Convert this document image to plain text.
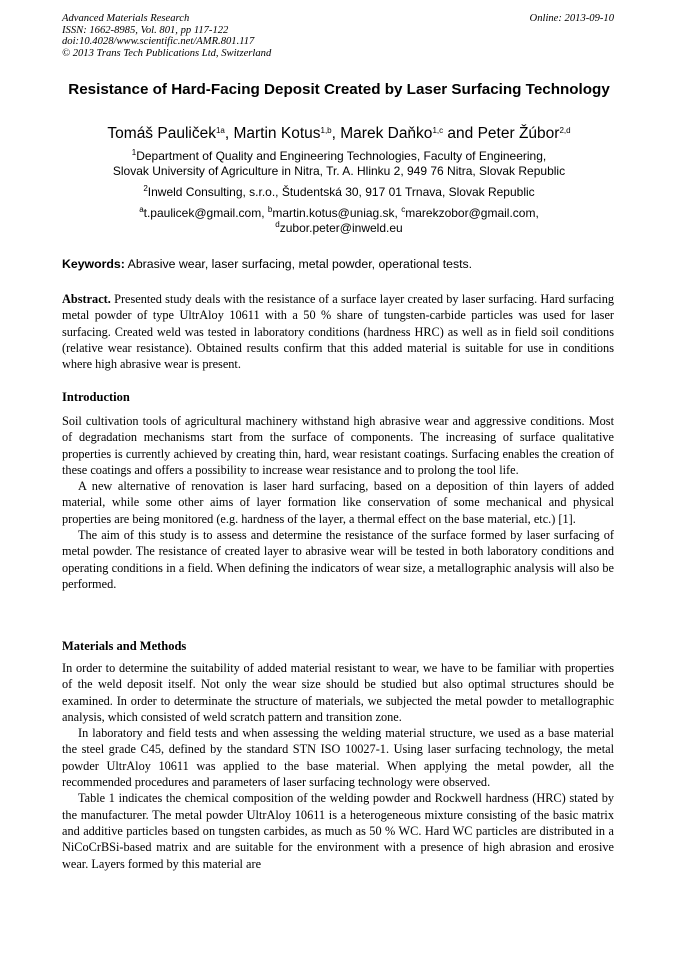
Advanced Materials Research
ISSN: 1662-8985, Vol. 801, pp 117-122
doi:10.4028/www.scientific.net/AMR.801.117
© 2013 Trans Tech Publications Ltd, Switzerland
Online: 2013-09-10
Resistance of Hard-Facing Deposit Created by Laser Surfacing Technology
Tomáš Pauliček$^{1a}$, Martin Kotus$^{1,b}$, Marek Daňko$^{1,c}$ and Peter Žúbor$^{2,d}$
$^1$Department of Quality and Engineering Technologies, Faculty of Engineering,
Slovak University of Agriculture in Nitra, Tr. A. Hlinku 2, 949 76 Nitra, Slovak Republic
$^2$Inweld Consulting, s.r.o., Študentská 30, 917 01 Trnava, Slovak Republic
$^a$t.paulicek@gmail.com, $^b$martin.kotus@uniag.sk, $^c$marekzobor@gmail.com,
$^d$zubor.peter@inweld.eu
Keywords: Abrasive wear, laser surfacing, metal powder, operational tests.

Abstract. Presented study deals with the resistance of a surface layer created by laser surfacing. Hard surfacing metal powder of type UltrAloy 10611 with a 50 % share of tungsten-carbide particles was used for laser surfacing. Created weld was tested in laboratory conditions (hardness HRC) as well as in field soil conditions (relative wear resistance). Obtained results confirm that this added material is suitable for use in conditions where high abrasive wear is present.

Introduction

Soil cultivation tools of agricultural machinery withstand high abrasive wear and aggressive conditions. Most of degradation mechanisms start from the surface of components. The increasing of surface qualitative properties is currently achieved by creating thin, hard, wear resistant coatings. Surfacing enables the creation of these coatings and offers a possibility to increase wear resistance and to prolong the tool life.

A new alternative of renovation is laser hard surfacing, based on a deposition of thin layers of added material, while some other aims of layer formation like conservation of some mechanical and physical properties are being monitored (e.g. hardness of the layer, a thermal effect on the base material, etc.) [1].

The aim of this study is to assess and determine the resistance of the surface formed by laser surfacing of metal powder. The resistance of created layer to abrasive wear will be tested in both laboratory conditions and operating conditions in a field. When defining the indicators of wear size, a metallographic analysis will also be performed.

Materials and Methods

In order to determine the suitability of added material resistant to wear, we have to be familiar with properties of the weld deposit itself. Not only the wear size should be studied but also optimal structures should be examined. In order to determinate the structure of materials, we subjected the metal powder to metallographic analysis, which consisted of weld scratch pattern and transition zone.

In laboratory and field tests and when assessing the welding material structure, we used as a base material the steel grade C45, defined by the standard STN ISO 10027-1. Using laser surfacing technology, the metal powder UltrAloy 10611 was applied to the base material. When applying the metal powder, all the recommended procedures and parameters of laser surfacing technology were observed.

Table 1 indicates the chemical composition of the welding powder and Rockwell hardness (HRC) stated by the manufacturer. The metal powder UltrAloy 10611 is a heterogeneous mixture consisting of the basic matrix and additive particles based on tungsten carbides, as much as 50 % WC. Hard WC particles are distributed in a NiCoCrBSi-based matrix and are suitable for the environment with a presence of high abrasion and erosive wear. Layers formed by this material are
